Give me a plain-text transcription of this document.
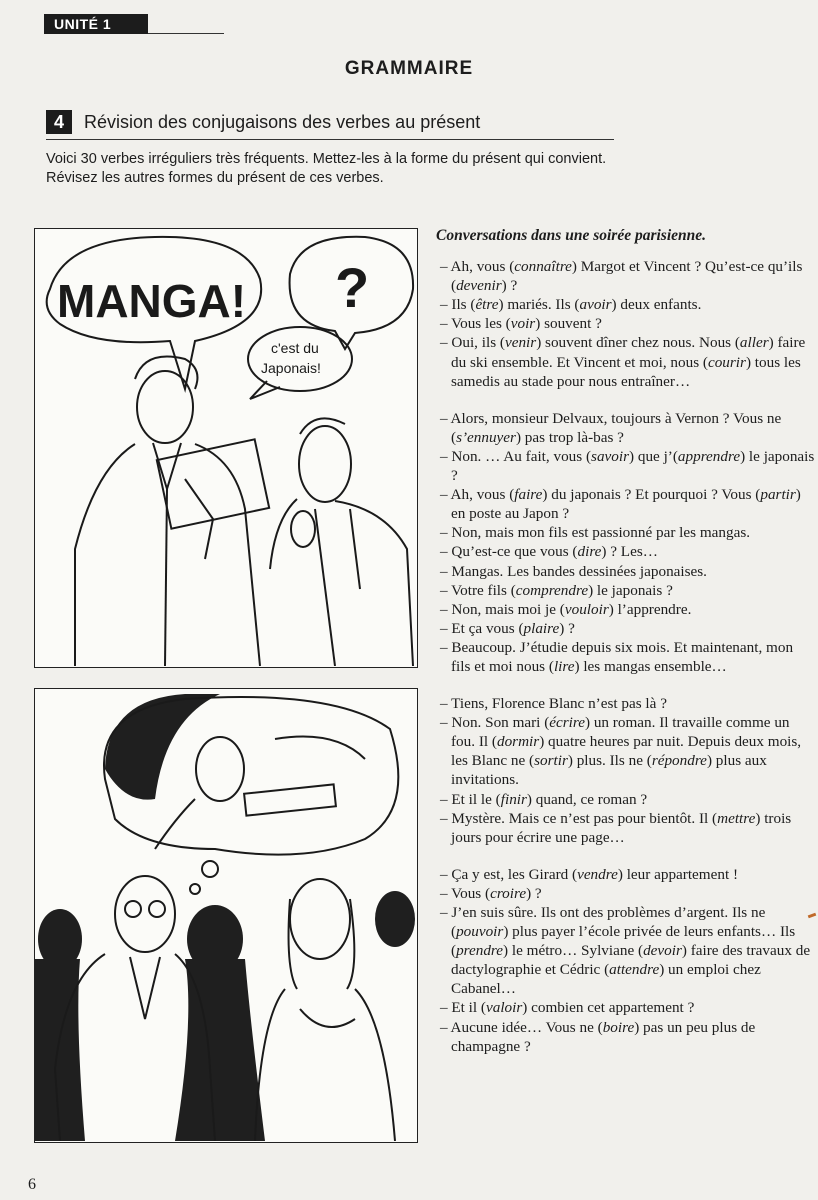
UNITÉ 1
GRAMMAIRE
4	Révision des conjugaisons des verbes au présent
Voici 30 verbes irréguliers très fréquents. Mettez-les à la forme du présent qui convient.
Révisez les autres formes du présent de ces verbes.
MANGA! ?
c'est du
Japonais!
Conversations dans une soirée parisienne.
– Ah, vous (connaître) Margot et Vincent ? Qu’est-ce qu’ils (devenir) ?
– Ils (être) mariés. Ils (avoir) deux enfants.
– Vous les (voir) souvent ?
– Oui, ils (venir) souvent dîner chez nous. Nous (aller) faire du ski ensemble. Et Vincent et moi, nous (courir) tous les samedis au stade pour nous entraîner…
– Alors, monsieur Delvaux, toujours à Vernon ? Vous ne (s’ennuyer) pas trop là-bas ?
– Non. … Au fait, vous (savoir) que j’(apprendre) le japonais ?
– Ah, vous (faire) du japonais ? Et pourquoi ? Vous (partir) en poste au Japon ?
– Non, mais mon fils est passionné par les mangas.
– Qu’est-ce que vous (dire) ? Les…
– Mangas. Les bandes dessinées japonaises.
– Votre fils (comprendre) le japonais ?
– Non, mais moi je (vouloir) l’apprendre.
– Et ça vous (plaire) ?
– Beaucoup. J’étudie depuis six mois. Et maintenant, mon fils et moi nous (lire) les mangas ensemble…
– Tiens, Florence Blanc n’est pas là ?
– Non. Son mari (écrire) un roman. Il travaille comme un fou. Il (dormir) quatre heures par nuit. Depuis deux mois, les Blanc ne (sortir) plus. Ils ne (répondre) plus aux invitations.
– Et il le (finir) quand, ce roman ?
– Mystère. Mais ce n’est pas pour bientôt. Il (mettre) trois jours pour écrire une page…
– Ça y est, les Girard (vendre) leur appartement !
– Vous (croire) ?
– J’en suis sûre. Ils ont des problèmes d’argent. Ils ne (pouvoir) plus payer l’école privée de leurs enfants… Ils (prendre) le métro… Sylviane (devoir) faire des travaux de dactylographie et Cédric (attendre) un emploi chez Cabanel…
– Et il (valoir) combien cet appartement ?
– Aucune idée… Vous ne (boire) pas un peu plus de champagne ?
6
